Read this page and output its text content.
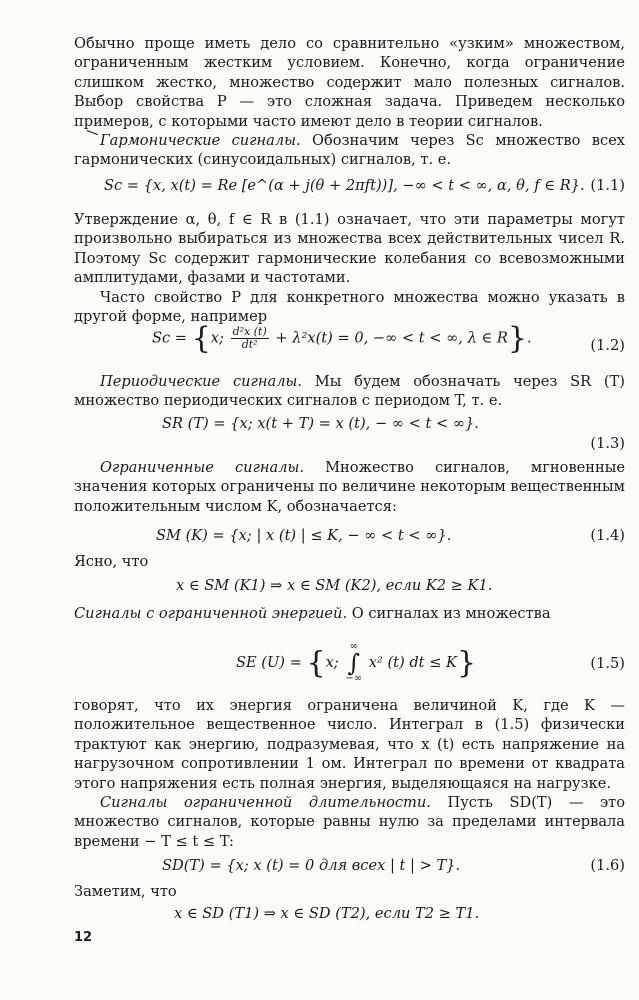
Обычно проще иметь дело со сравнительно «узким» множеством, ограниченным жестким условием. Конечно, когда ограничение слишком жестко, множество содержит мало полезных сигналов. Выбор свойства P — это сложная задача. Приведем несколько примеров, с которыми часто имеют дело в теории сигналов.

Гармонические сигналы. Обозначим через Sc множество всех гармонических (синусоидальных) сигналов, т. е.

Sc = {x, x(t) = Re [e^(α + j(θ + 2πft))], −∞ < t < ∞, α, θ, f ∈ R}. (1.1)

Утверждение α, θ, f ∈ R в (1.1) означает, что эти параметры могут произвольно выбираться из множества всех действительных чисел R. Поэтому Sc содержит гармонические колебания со всевозможными амплитудами, фазами и частотами.

Часто свойство P для конкретного множества можно указать в другой форме, например

Sc = {x; $\frac{\text{d²x (t)}}{\text{dt²}} + \lambda^2x(t) = 0$, −∞ < t < ∞, λ ∈ R}.	(1.2)

Периодические сигналы. Мы будем обозначать через SR (T) множество периодических сигналов с периодом T, т. е.

SR (T) = {x; x(t + T) = x (t), − ∞ < t < ∞}.
(1.3)

Ограниченные сигналы. Множество сигналов, мгновенные значения которых ограничены по величине некоторым вещественным положительным числом K, обозначается:

SM (K) = {x; | x (t) | ≤ K, − ∞ < t < ∞}.	(1.4)

Ясно, что

x ∈ SM (K1) ⇒ x ∈ SM (K2), если K2 ≥ K1.

Сигналы с ограниченной энергией. О сигналах из множества

SE (U) = {x; ∞
∫
−∞ x² (t) dt ≤ K}	(1.5)

говорят, что их энергия ограничена величиной K, где K — положительное вещественное число. Интеграл в (1.5) физически трактуют как энергию, подразумевая, что x (t) есть напряжение на нагрузочном сопротивлении 1 ом. Интеграл по времени от квадрата этого напряжения есть полная энергия, выделяющаяся на нагрузке.

Сигналы ограниченной длительности. Пусть SD(T) — это множество сигналов, которые равны нулю за пределами интервала времени − T ≤ t ≤ T:

SD(T) = {x; x (t) = 0 для всех | t | > T}.	(1.6)

Заметим, что

x ∈ SD (T1) ⇒ x ∈ SD (T2), если T2 ≥ T1.
12
